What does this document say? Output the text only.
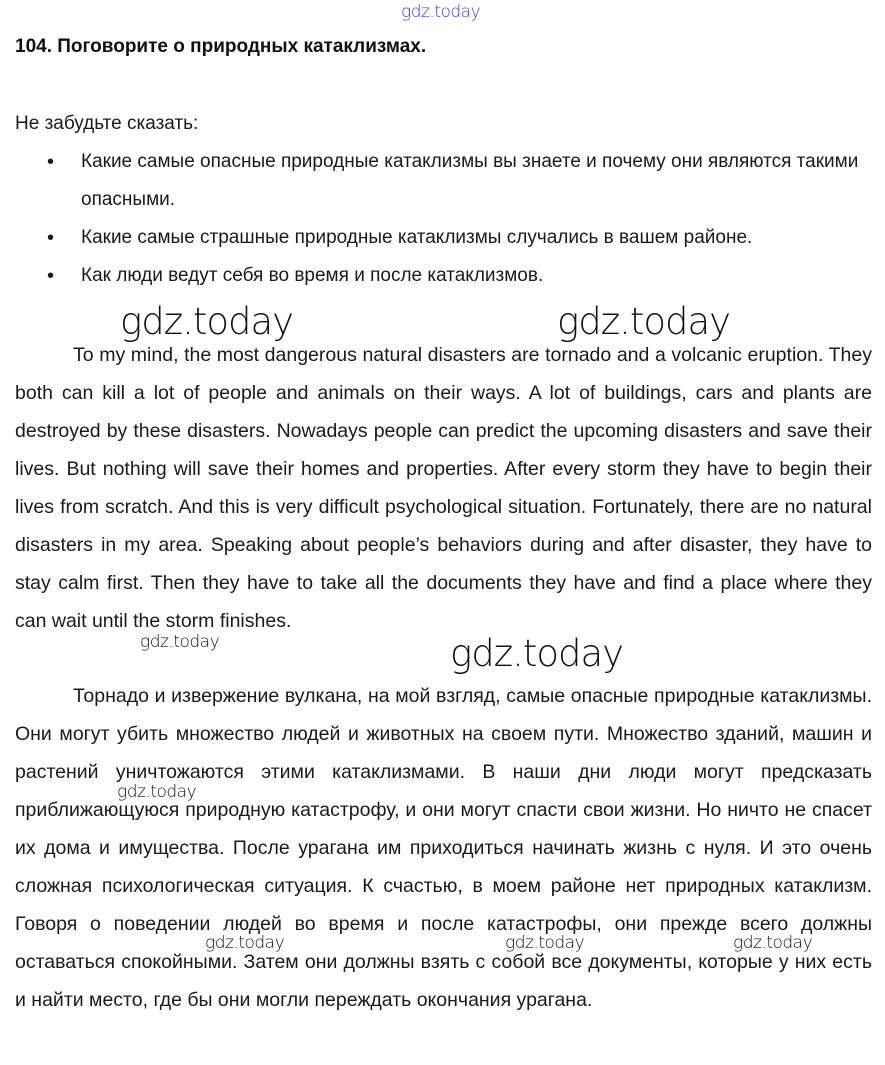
gdz.today
104. Поговорите о природных катаклизмах.
Не забудьте сказать:
• Какие самые опасные природные катаклизмы вы знаете и почему они являются такими опасными.
• Какие самые страшные природные катаклизмы случались в вашем районе.
• Как люди ведут себя во время и после катаклизмов.

To my mind, the most dangerous natural disasters are tornado and a volcanic eruption. They both can kill a lot of people and animals on their ways. A lot of buildings, cars and plants are destroyed by these disasters. Nowadays people can predict the upcoming disasters and save their lives. But nothing will save their homes and properties. After every storm they have to begin their lives from scratch. And this is very difficult psychological situation. Fortunately, there are no natural disasters in my area. Speaking about people’s behaviors during and after disaster, they have to stay calm first. Then they have to take all the documents they have and find a place where they can wait until the storm finishes.

Торнадо и извержение вулкана, на мой взгляд, самые опасные природные катаклизмы. Они могут убить множество людей и животных на своем пути. Множество зданий, машин и растений уничтожаются этими катаклизмами. В наши дни люди могут предсказать приближающуюся природную катастрофу, и они могут спасти свои жизни. Но ничто не спасет их дома и имущества. После урагана им приходиться начинать жизнь с нуля. И это очень сложная психологическая ситуация. К счастью, в моем районе нет природных катаклизм. Говоря о поведении людей во время и после катастрофы, они прежде всего должны оставаться спокойными. Затем они должны взять с собой все документы, которые у них есть и найти место, где бы они могли переждать окончания урагана.

gdz.today	gdz.today
gdz.today
gdz.today
gdz.today
gdz.today	gdz.today	gdz.today
